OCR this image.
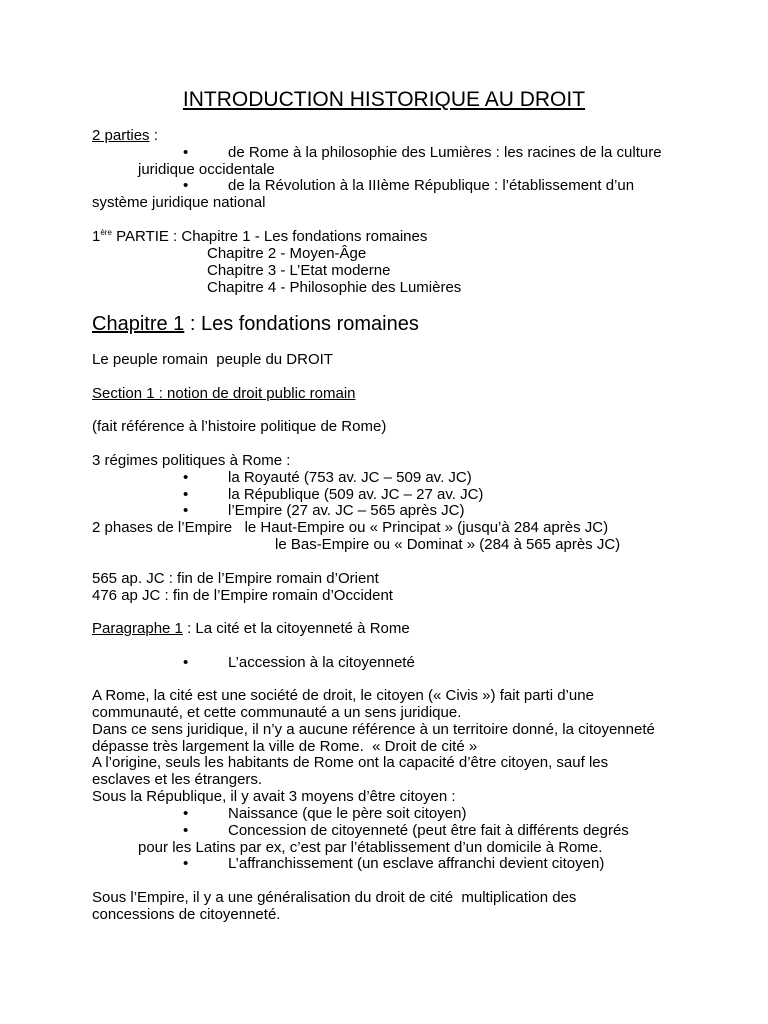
INTRODUCTION HISTORIQUE AU DROIT
2 parties :
•	de Rome à la philosophie des Lumières : les racines de la culture
juridique occidentale
•	de la Révolution à la IIIème République : l’établissement d’un
système juridique national
1ère PARTIE : Chapitre 1 - Les fondations romaines
Chapitre 2 - Moyen-Âge
Chapitre 3 - L’Etat moderne
Chapitre 4 - Philosophie des Lumières
Chapitre 1 : Les fondations romaines
Le peuple romain  peuple du DROIT
Section 1 : notion de droit public romain
(fait référence à l’histoire politique de Rome)
3 régimes politiques à Rome :
•	la Royauté (753 av. JC – 509 av. JC)
•	la République (509 av. JC – 27 av. JC)
•	l’Empire (27 av. JC – 565 après JC)
2 phases de l’Empire   le Haut-Empire ou « Principat » (jusqu’à 284 après JC)
le Bas-Empire ou « Dominat » (284 à 565 après JC)
565 ap. JC : fin de l’Empire romain d’Orient
476 ap JC : fin de l’Empire romain d’Occident
Paragraphe 1 : La cité et la citoyenneté à Rome
•	L’accession à la citoyenneté
A Rome, la cité est une société de droit, le citoyen (« Civis ») fait parti d’une
communauté, et cette communauté a un sens juridique.
Dans ce sens juridique, il n’y a aucune référence à un territoire donné, la citoyenneté
dépasse très largement la ville de Rome.  « Droit de cité »
A l’origine, seuls les habitants de Rome ont la capacité d’être citoyen, sauf les
esclaves et les étrangers.
Sous la République, il y avait 3 moyens d’être citoyen :
•	Naissance (que le père soit citoyen)
•	Concession de citoyenneté (peut être fait à différents degrés
pour les Latins par ex, c’est par l’établissement d’un domicile à Rome.
•	L’affranchissement (un esclave affranchi devient citoyen)
Sous l’Empire, il y a une généralisation du droit de cité  multiplication des
concessions de citoyenneté.
